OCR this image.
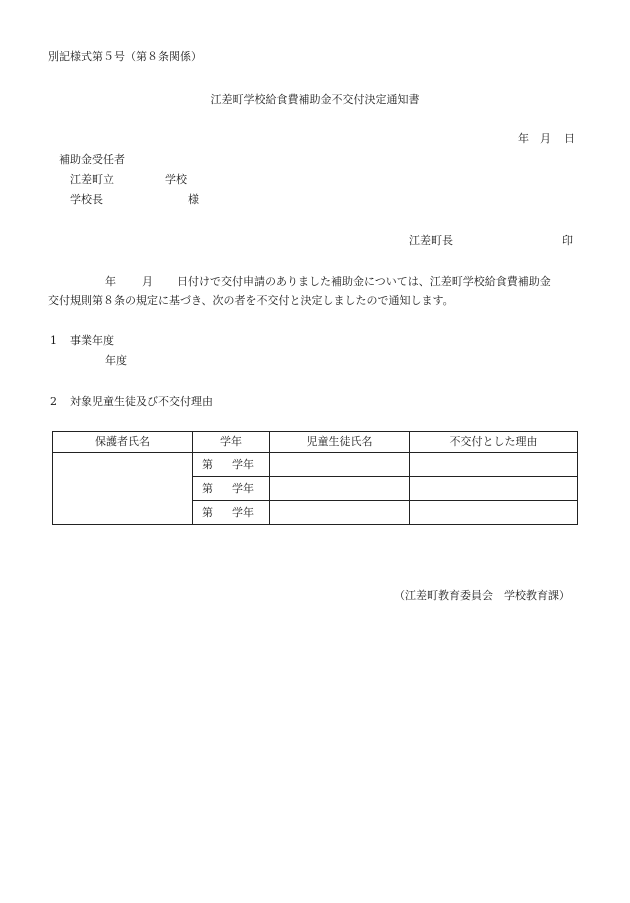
別記様式第５号（第８条関係）
江差町学校給食費補助金不交付決定通知書
年 月 日
補助金受任者
江差町立	学校
学校長	様
江差町長	印
年 月 日付けで交付申請のありました補助金については、江差町学校給食費補助金
交付規則第８条の規定に基づき、次の者を不交付と決定しましたので通知します。
1 事業年度
年度
2 対象児童生徒及び不交付理由
保護者氏名	学年	児童生徒氏名	不交付とした理由
	第 学年		
	第 学年		
	第 学年		
（江差町教育委員会　学校教育課）
